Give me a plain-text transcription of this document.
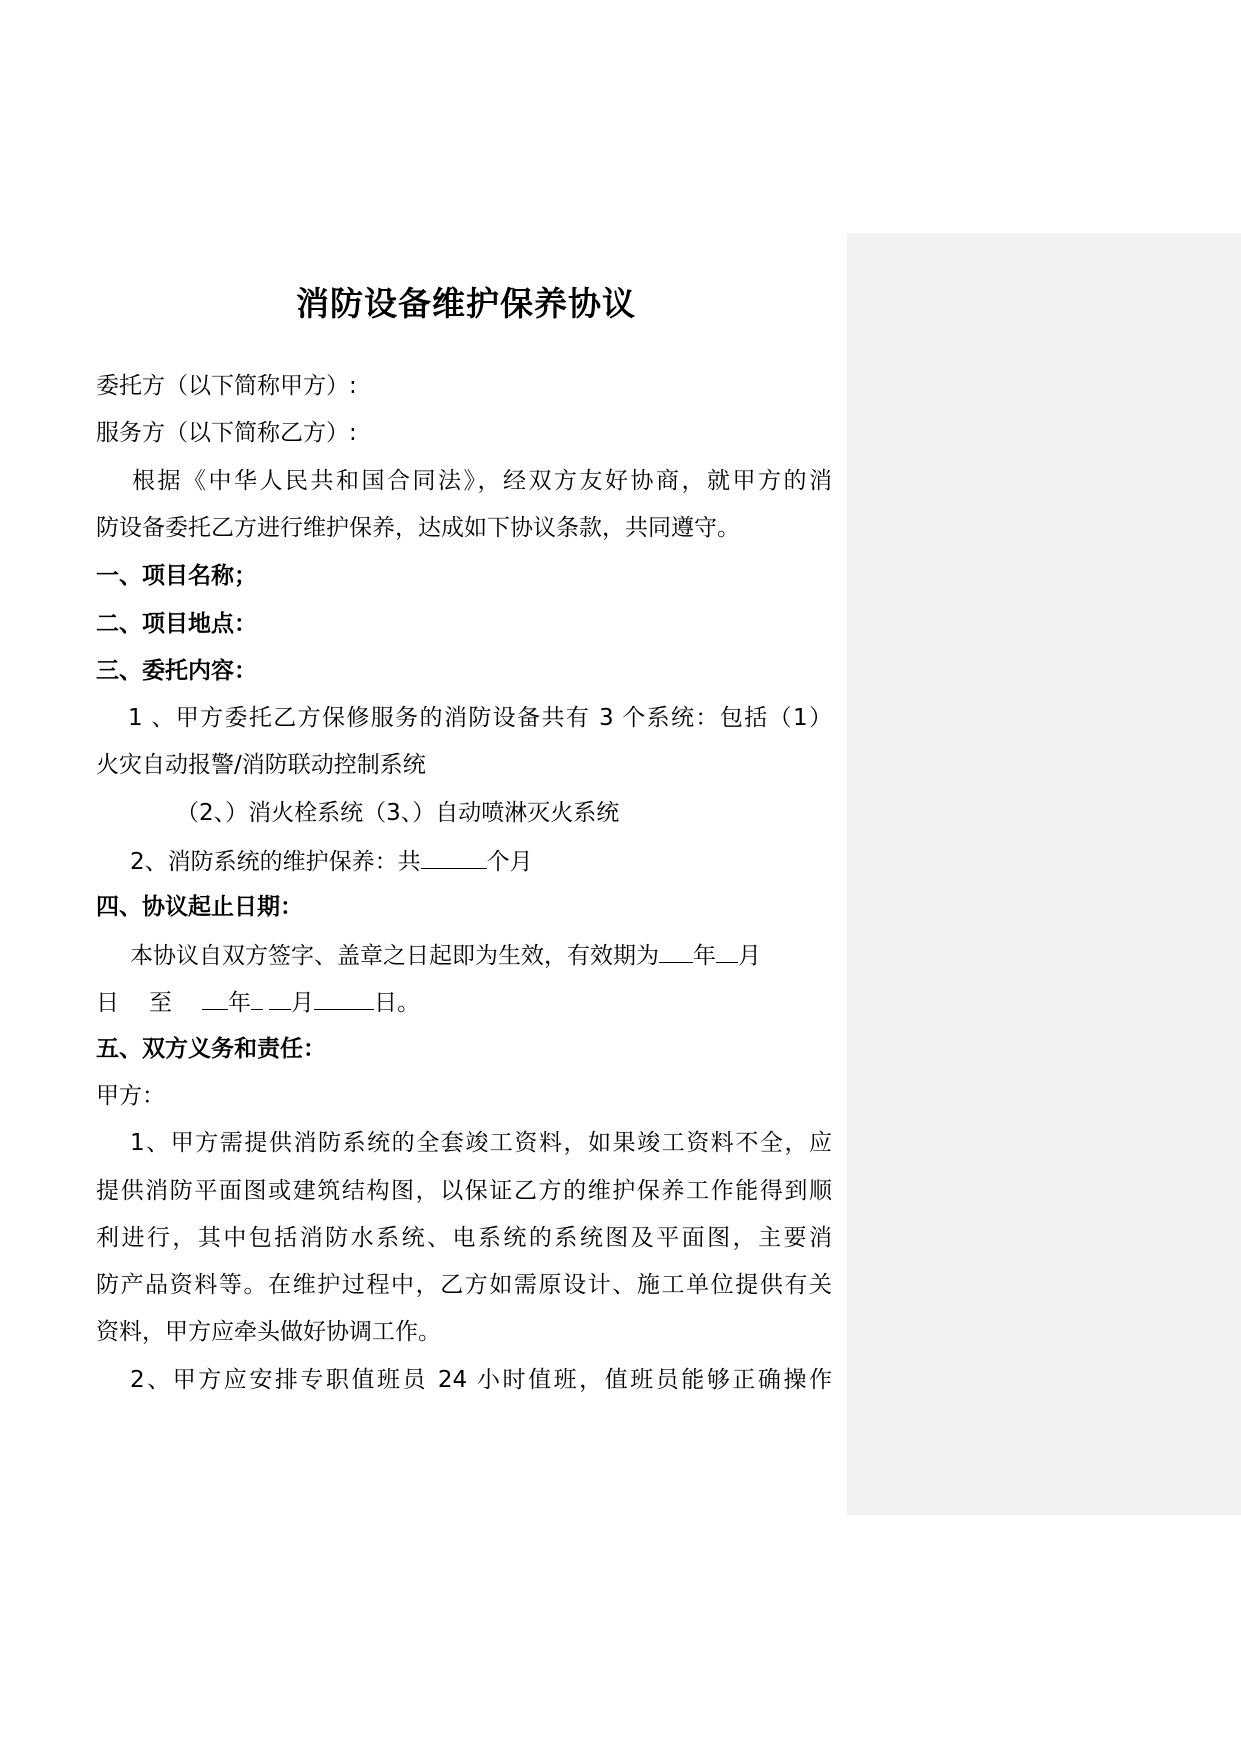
消防设备维护保养协议
委托方（以下简称甲方）:
服务方（以下简称乙方）:
根据《中华人民共和国合同法》，经双方友好协商，就甲方的消
防设备委托乙方进行维护保养，达成如下协议条款，共同遵守。
一、项目名称；
二、项目地点：
三、委托内容：
1 、甲方委托乙方保修服务的消防设备共有 3 个系统：包括（1）
火灾自动报警/消防联动控制系统
（2、）消火栓系统（3、）自动喷淋灭火系统
2、消防系统的维护保养：共	个月
四、协议起止日期：
本协议自双方签字、盖章之日起即为生效，有效期为 年 月
日 至 年 月	日。
五、双方义务和责任：
甲方：
1、甲方需提供消防系统的全套竣工资料，如果竣工资料不全，应
提供消防平面图或建筑结构图，以保证乙方的维护保养工作能得到顺
利进行，其中包括消防水系统、电系统的系统图及平面图，主要消
防产品资料等。在维护过程中，乙方如需原设计、施工单位提供有关
资料，甲方应牵头做好协调工作。
2、甲方应安排专职值班员 24 小时值班，值班员能够正确操作
